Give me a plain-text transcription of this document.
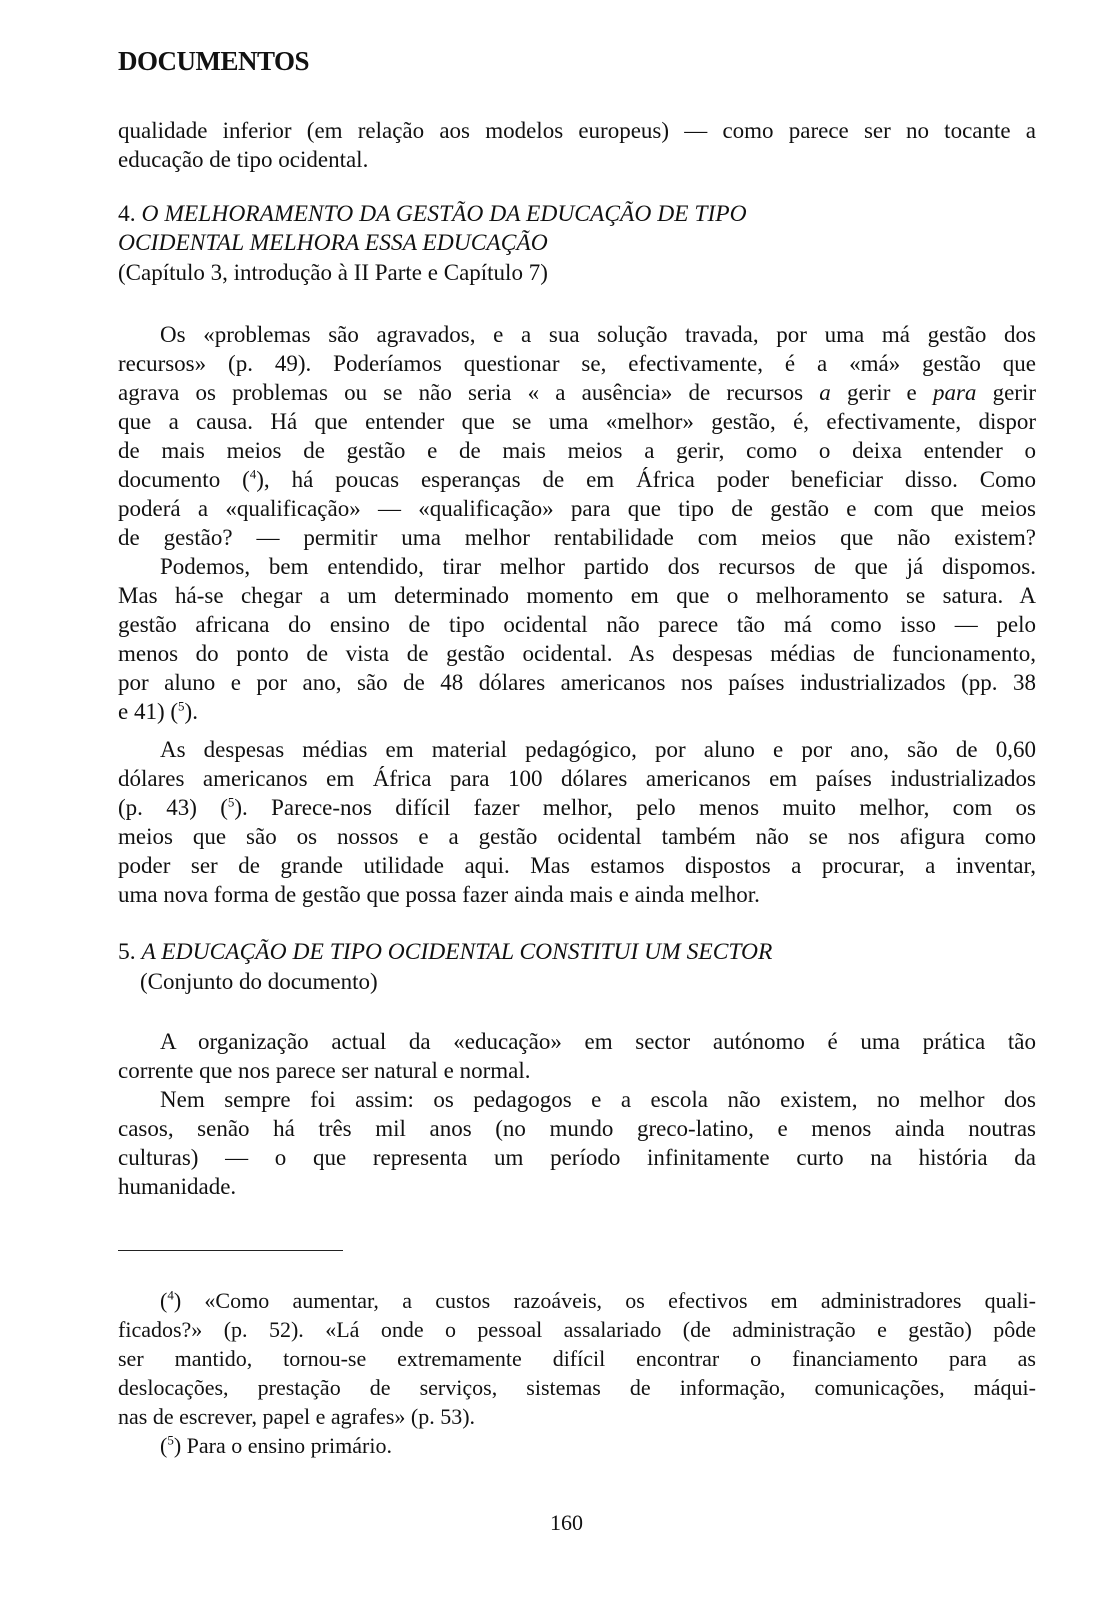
DOCUMENTOS
qualidade inferior (em relação aos modelos europeus) — como parece ser no tocante a
educação de tipo ocidental.
4. O MELHORAMENTO DA GESTÃO DA EDUCAÇÃO DE TIPO
OCIDENTAL MELHORA ESSA EDUCAÇÃO
(Capítulo 3, introdução à II Parte e Capítulo 7)
Os «problemas são agravados, e a sua solução travada, por uma má gestão dos
recursos» (p. 49). Poderíamos questionar se, efectivamente, é a «má» gestão que
agrava os problemas ou se não seria « a ausência» de recursos a gerir e para gerir
que a causa. Há que entender que se uma «melhor» gestão, é, efectivamente, dispor
de mais meios de gestão e de mais meios a gerir, como o deixa entender o
documento ($^4$), há poucas esperanças de em África poder beneficiar disso. Como
poderá a «qualificação» — «qualificação» para que tipo de gestão e com que meios
de gestão? — permitir uma melhor rentabilidade com meios que não existem?
Podemos, bem entendido, tirar melhor partido dos recursos de que já dispomos.
Mas há-se chegar a um determinado momento em que o melhoramento se satura. A
gestão africana do ensino de tipo ocidental não parece tão má como isso — pelo
menos do ponto de vista de gestão ocidental. As despesas médias de funcionamento,
por aluno e por ano, são de 48 dólares americanos nos países industrializados (pp. 38
e 41) ($^5$).
As despesas médias em material pedagógico, por aluno e por ano, são de 0,60
dólares americanos em África para 100 dólares americanos em países industrializados
(p. 43) ($^5$). Parece-nos difícil fazer melhor, pelo menos muito melhor, com os
meios que são os nossos e a gestão ocidental também não se nos afigura como
poder ser de grande utilidade aqui. Mas estamos dispostos a procurar, a inventar,
uma nova forma de gestão que possa fazer ainda mais e ainda melhor.
5. A EDUCAÇÃO DE TIPO OCIDENTAL CONSTITUI UM SECTOR
(Conjunto do documento)
A organização actual da «educação» em sector autónomo é uma prática tão
corrente que nos parece ser natural e normal.
Nem sempre foi assim: os pedagogos e a escola não existem, no melhor dos
casos, senão há três mil anos (no mundo greco-latino, e menos ainda noutras
culturas) — o que representa um período infinitamente curto na história da
humanidade.
($^4$) «Como aumentar, a custos razoáveis, os efectivos em administradores quali-
ficados?» (p. 52). «Lá onde o pessoal assalariado (de administração e gestão) pôde
ser mantido, tornou-se extremamente difícil encontrar o financiamento para as
deslocações, prestação de serviços, sistemas de informação, comunicações, máqui-
nas de escrever, papel e agrafes» (p. 53).
($^5$) Para o ensino primário.
160
